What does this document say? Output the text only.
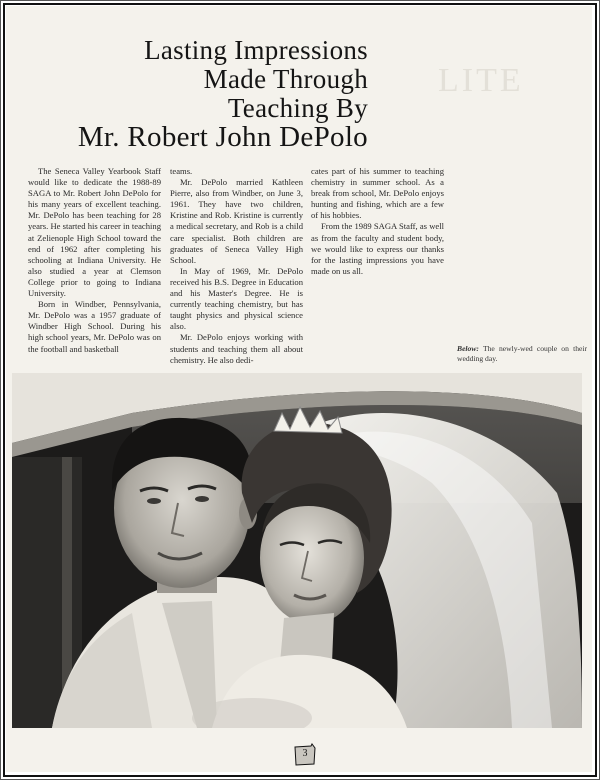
LITE
Lasting Impressions
Made Through
Teaching By
Mr. Robert John DePolo

The Seneca Valley Yearbook Staff would like to dedicate the 1988-89 SAGA to Mr. Robert John DePolo for his many years of excellent teaching. Mr. DePolo has been teaching for 28 years. He started his career in teaching at Zelienople High School toward the end of 1962 after completing his schooling at Indiana University. He also studied a year at Clemson College prior to going to Indiana University.

Born in Windber, Pennsylvania, Mr. DePolo was a 1957 graduate of Windber High School. During his high school years, Mr. DePolo was on the football and basketball

teams.

Mr. DePolo married Kathleen Pierre, also from Windber, on June 3, 1961. They have two children, Kristine and Rob. Kristine is currently a medical secretary, and Rob is a child care specialist. Both children are graduates of Seneca Valley High School.

In May of 1969, Mr. DePolo received his B.S. Degree in Education and his Master's Degree. He is currently teaching chemistry, but has taught physics and physical science also.

Mr. DePolo enjoys working with students and teaching them all about chemistry. He also dedi-

cates part of his summer to teaching chemistry in summer school. As a break from school, Mr. DePolo enjoys hunting and fishing, which are a few of his hobbies.

From the 1989 SAGA Staff, as well as from the faculty and student body, we would like to express our thanks for the lasting impressions you have made on us all.

Below: The newly-wed couple on their wedding day.
3
